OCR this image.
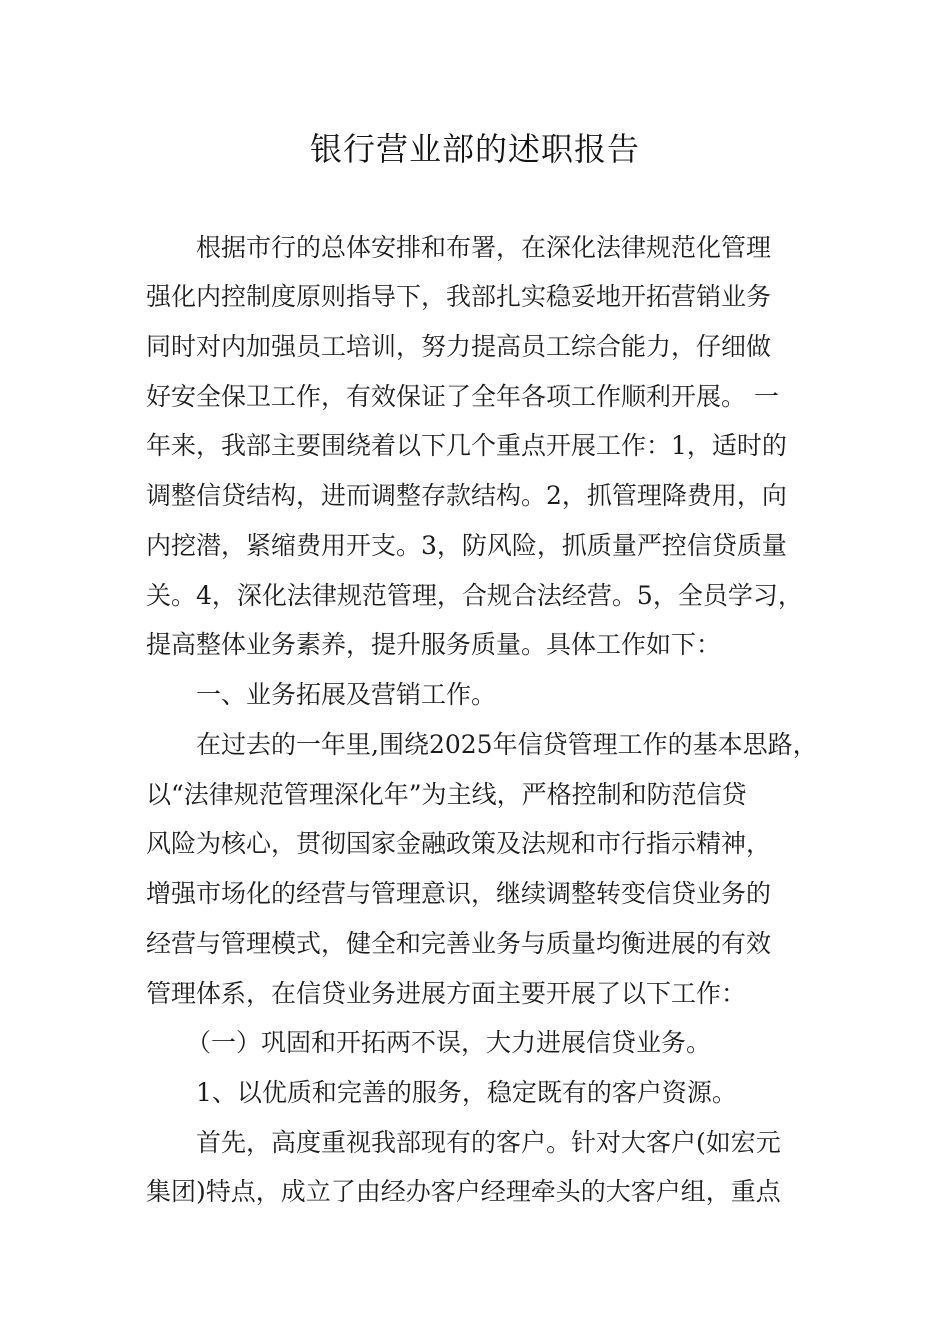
银行营业部的述职报告
根据市行的总体安排和布署，在深化法律规范化管理
强化内控制度原则指导下，我部扎实稳妥地开拓营销业务
同时对内加强员工培训，努力提高员工综合能力，仔细做
好安全保卫工作，有效保证了全年各项工作顺利开展。 一
年来，我部主要围绕着以下几个重点开展工作：1，适时的
调整信贷结构，进而调整存款结构。2，抓管理降费用，向
内挖潜，紧缩费用开支。3，防风险，抓质量严控信贷质量
关。4，深化法律规范管理，合规合法经营。5，全员学习，
提高整体业务素养，提升服务质量。具体工作如下：
一、业务拓展及营销工作。
在过去的一年里,围绕2025年信贷管理工作的基本思路，
以“法律规范管理深化年”为主线，严格控制和防范信贷
风险为核心，贯彻国家金融政策及法规和市行指示精神，
增强市场化的经营与管理意识，继续调整转变信贷业务的
经营与管理模式，健全和完善业务与质量均衡进展的有效
管理体系，在信贷业务进展方面主要开展了以下工作：
（一）巩固和开拓两不误，大力进展信贷业务。
1、以优质和完善的服务，稳定既有的客户资源。
首先，高度重视我部现有的客户。针对大客户(如宏元
集团)特点，成立了由经办客户经理牵头的大客户组，重点
